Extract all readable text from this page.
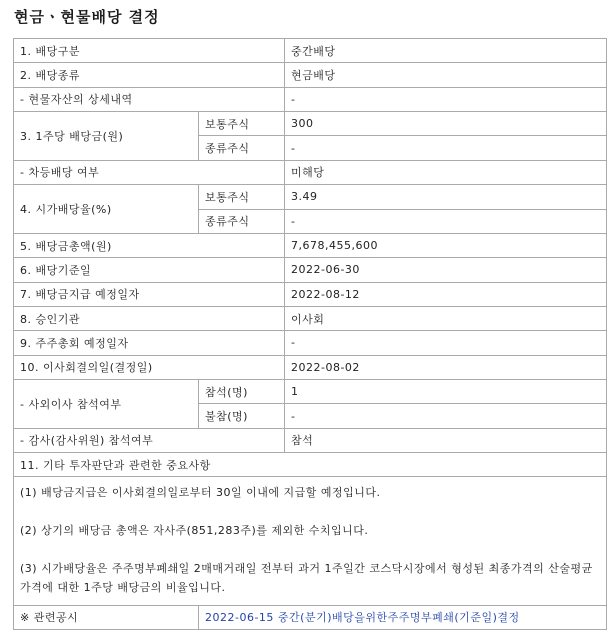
현금ㆍ현물배당 결정
1. 배당구분		중간배당
2. 배당종류		현금배당
- 현물자산의 상세내역		-
3. 1주당 배당금(원)	보통주식	300
	종류주식	-
- 차등배당 여부		미해당
4. 시가배당율(%)	보통주식	3.49
	종류주식	-
5. 배당금총액(원)		7,678,455,600
6. 배당기준일		2022-06-30
7. 배당금지급 예정일자		2022-08-12
8. 승인기관		이사회
9. 주주총회 예정일자		-
10. 이사회결의일(결정일)		2022-08-02
- 사외이사 참석여부	참석(명)	1
	불참(명)	-
- 감사(감사위원) 참석여부		참석
11. 기타 투자판단과 관련한 중요사항		

(1) 배당금지급은 이사회결의일로부터 30일 이내에 지급할 예정입니다.
(2) 상기의 배당금 총액은 자사주(851,283주)를 제외한 수치입니다.
(3) 시가배당율은 주주명부폐쇄일 2매매거래일 전부터 과거 1주일간 코스닥시장에서 형성된 최종가격의 산술평균가격에 대한 1주당 배당금의 비율입니다.		

※ 관련공시	2022-06-15 중간(분기)배당을위한주주명부폐쇄(기준일)결정	
